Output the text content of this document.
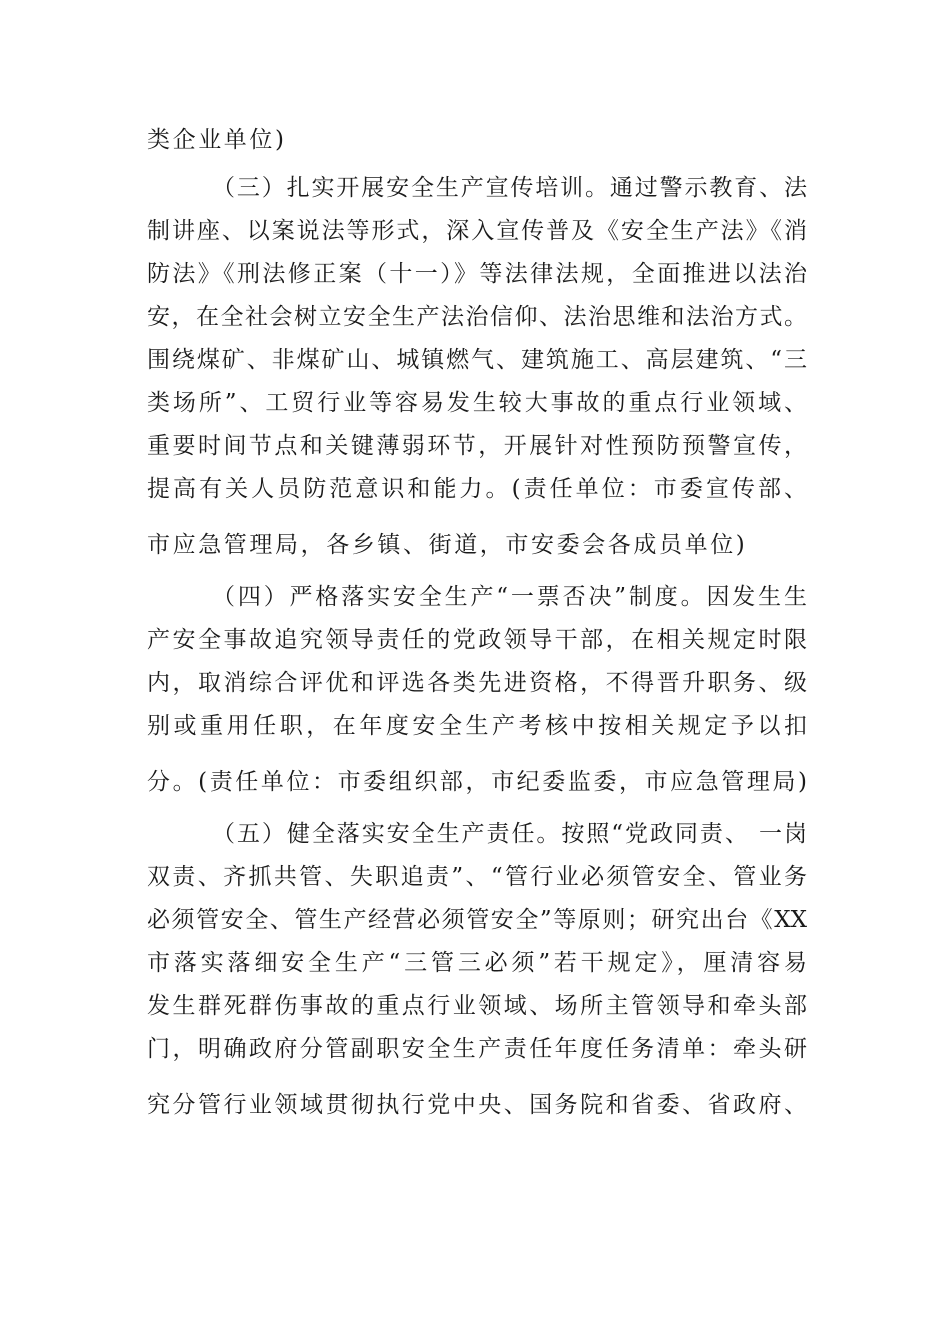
类企业单位)
（三）扎实开展安全生产宣传培训。通过警示教育、法
制讲座、以案说法等形式，深入宣传普及《安全生产法》《消
防法》《刑法修正案（十一）》等法律法规，全面推进以法治
安，在全社会树立安全生产法治信仰、法治思维和法治方式。
围绕煤矿、非煤矿山、城镇燃气、建筑施工、高层建筑、“三
类场所”、工贸行业等容易发生较大事故的重点行业领域、
重要时间节点和关键薄弱环节，开展针对性预防预警宣传，
提高有关人员防范意识和能力。(责任单位：市委宣传部、
市应急管理局，各乡镇、街道，市安委会各成员单位)
（四）严格落实安全生产“一票否决”制度。因发生生
产安全事故追究领导责任的党政领导干部，在相关规定时限
内，取消综合评优和评选各类先进资格，不得晋升职务、级
别或重用任职，在年度安全生产考核中按相关规定予以扣
分。(责任单位：市委组织部，市纪委监委，市应急管理局)
（五）健全落实安全生产责任。按照“党政同责、 一岗
双责、齐抓共管、失职追责”、“管行业必须管安全、管业务
必须管安全、管生产经营必须管安全”等原则；研究出台《XX
市落实落细安全生产“三管三必须”若干规定》，厘清容易
发生群死群伤事故的重点行业领域、场所主管领导和牵头部
门，明确政府分管副职安全生产责任年度任务清单：牵头研
究分管行业领域贯彻执行党中央、国务院和省委、省政府、
